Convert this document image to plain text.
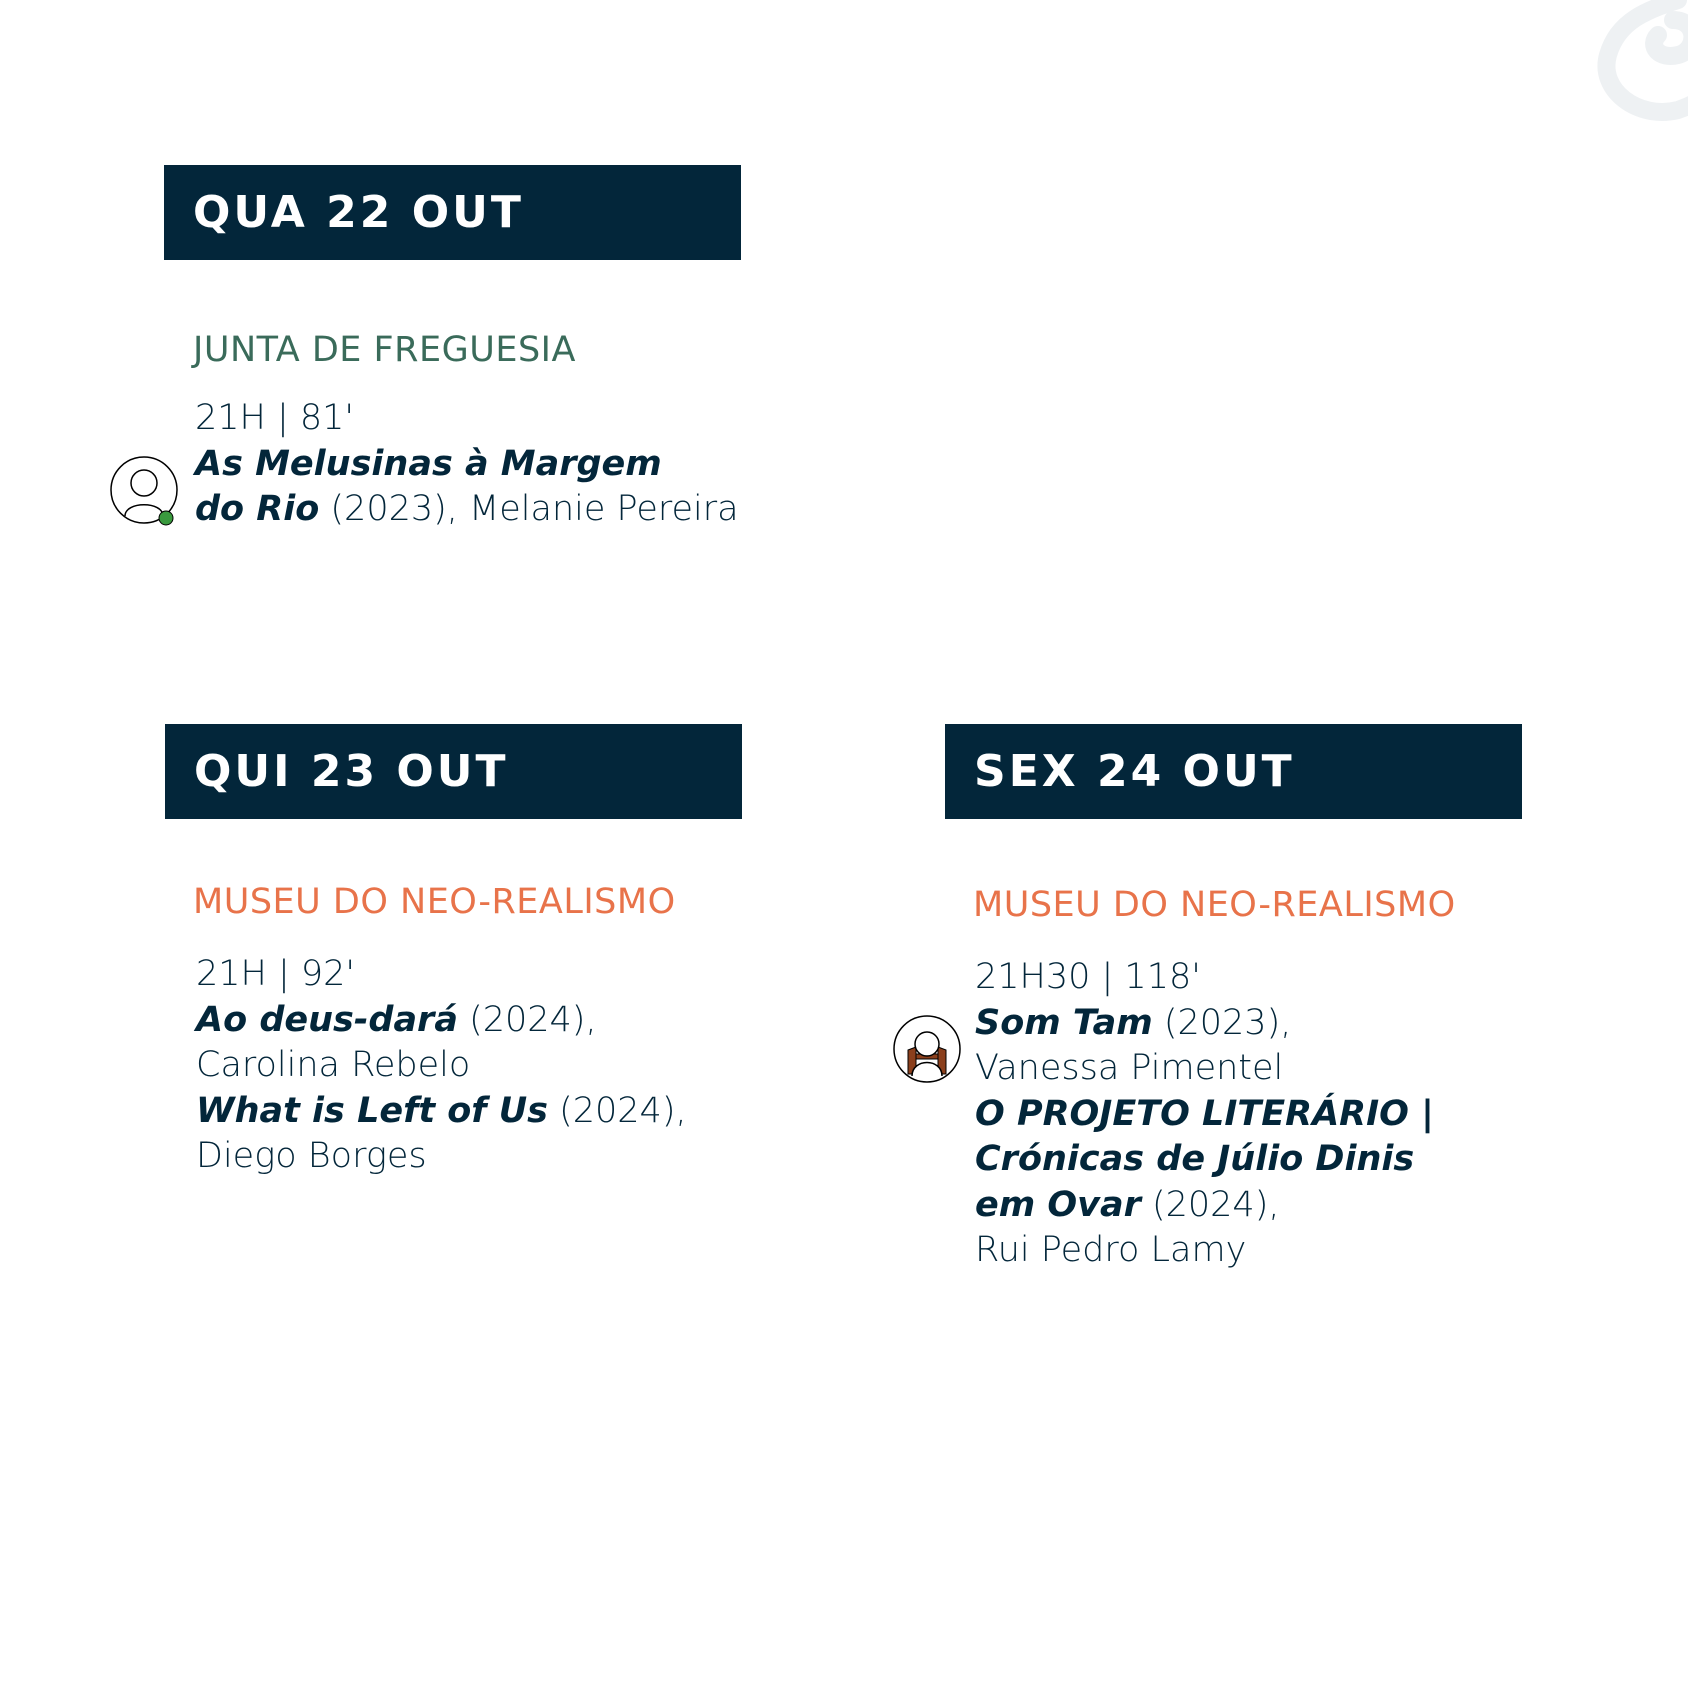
QUA 22 OUT
JUNTA DE FREGUESIA
21H | 81'
As Melusinas à Margem
do Rio (2023), Melanie Pereira
QUI 23 OUT
MUSEU DO NEO-REALISMO
21H | 92'
Ao deus-dará (2024),
Carolina Rebelo
What is Left of Us (2024),
Diego Borges
SEX 24 OUT
MUSEU DO NEO-REALISMO
21H30 | 118'
Som Tam (2023),
Vanessa Pimentel
O PROJETO LITERÁRIO |
Crónicas de Júlio Dinis
em Ovar (2024),
Rui Pedro Lamy
